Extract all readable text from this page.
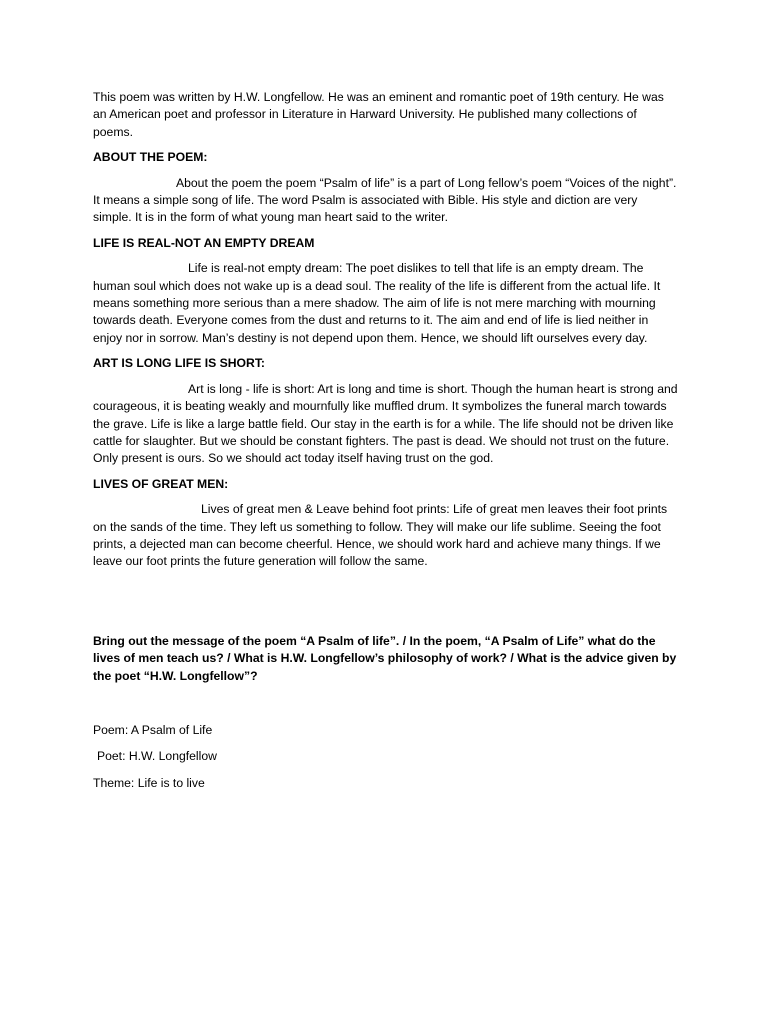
This poem was written by H.W. Longfellow. He was an eminent and romantic poet of 19th century. He was an American poet and professor in Literature in Harward University. He published many collections of poems.

ABOUT THE POEM:

About the poem the poem “Psalm of life” is a part of Long fellow’s poem “Voices of the night”. It means a simple song of life. The word Psalm is associated with Bible. His style and diction are very simple. It is in the form of what young man heart said to the writer.

LIFE IS REAL-NOT AN EMPTY DREAM

Life is real-not empty dream: The poet dislikes to tell that life is an empty dream. The human soul which does not wake up is a dead soul. The reality of the life is different from the actual life. It means something more serious than a mere shadow. The aim of life is not mere marching with mourning towards death. Everyone comes from the dust and returns to it. The aim and end of life is lied neither in enjoy nor in sorrow. Man’s destiny is not depend upon them. Hence, we should lift ourselves every day.

ART IS LONG LIFE IS SHORT:

Art is long - life is short: Art is long and time is short. Though the human heart is strong and courageous, it is beating weakly and mournfully like muffled drum. It symbolizes the funeral march towards the grave. Life is like a large battle field. Our stay in the earth is for a while. The life should not be driven like cattle for slaughter. But we should be constant fighters. The past is dead. We should not trust on the future. Only present is ours. So we should act today itself having trust on the god.

LIVES OF GREAT MEN:

Lives of great men & Leave behind foot prints: Life of great men leaves their foot prints on the sands of the time. They left us something to follow. They will make our life sublime. Seeing the foot prints, a dejected man can become cheerful. Hence, we should work hard and achieve many things. If we leave our foot prints the future generation will follow the same.

Bring out the message of the poem “A Psalm of life”. / In the poem, “A Psalm of Life” what do the lives of men teach us? / What is H.W. Longfellow’s philosophy of work? / What is the advice given by the poet “H.W. Longfellow”?

Poem: A Psalm of Life

Poet: H.W. Longfellow

Theme: Life is to live
